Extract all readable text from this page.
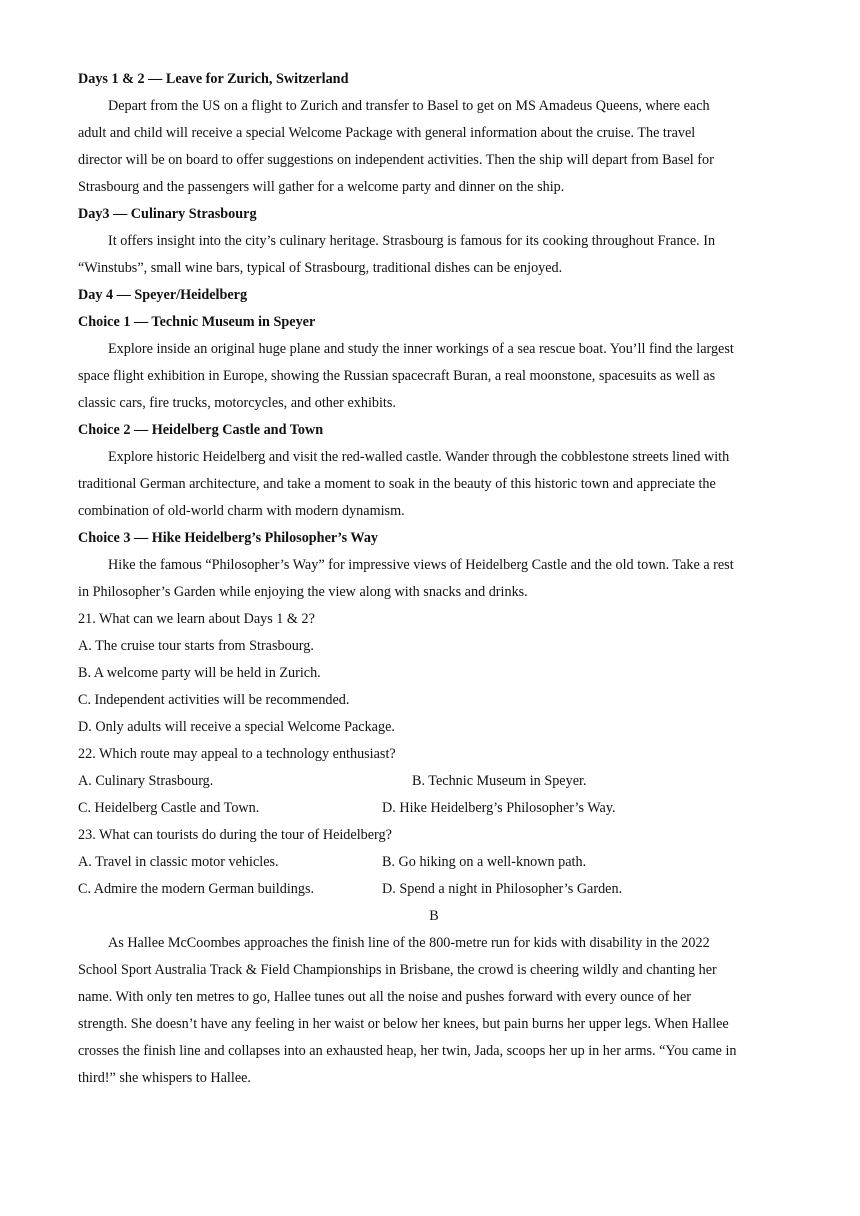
Days 1 & 2 — Leave for Zurich, Switzerland
Depart from the US on a flight to Zurich and transfer to Basel to get on MS Amadeus Queens, where each
adult and child will receive a special Welcome Package with general information about the cruise. The travel
director will be on board to offer suggestions on independent activities. Then the ship will depart from Basel for
Strasbourg and the passengers will gather for a welcome party and dinner on the ship.
Day3 — Culinary Strasbourg
It offers insight into the city’s culinary heritage. Strasbourg is famous for its cooking throughout France. In
“Winstubs”, small wine bars, typical of Strasbourg, traditional dishes can be enjoyed.
Day 4 — Speyer/Heidelberg
Choice 1 — Technic Museum in Speyer
Explore inside an original huge plane and study the inner workings of a sea rescue boat. You’ll find the largest
space flight exhibition in Europe, showing the Russian spacecraft Buran, a real moonstone, spacesuits as well as
classic cars, fire trucks, motorcycles, and other exhibits.
Choice 2 — Heidelberg Castle and Town
Explore historic Heidelberg and visit the red-walled castle. Wander through the cobblestone streets lined with
traditional German architecture, and take a moment to soak in the beauty of this historic town and appreciate the
combination of old-world charm with modern dynamism.
Choice 3 — Hike Heidelberg’s Philosopher’s Way
Hike the famous “Philosopher’s Way” for impressive views of Heidelberg Castle and the old town. Take a rest
in Philosopher’s Garden while enjoying the view along with snacks and drinks.
21. What can we learn about Days 1 & 2?
A. The cruise tour starts from Strasbourg.
B. A welcome party will be held in Zurich.
C. Independent activities will be recommended.
D. Only adults will receive a special Welcome Package.
22. Which route may appeal to a technology enthusiast?
A. Culinary Strasbourg.	B. Technic Museum in Speyer.
C. Heidelberg Castle and Town.	D. Hike Heidelberg’s Philosopher’s Way.
23. What can tourists do during the tour of Heidelberg?
A. Travel in classic motor vehicles.	B. Go hiking on a well-known path.
C. Admire the modern German buildings.	D. Spend a night in Philosopher’s Garden.
B
As Hallee McCoombes approaches the finish line of the 800-metre run for kids with disability in the 2022
School Sport Australia Track & Field Championships in Brisbane, the crowd is cheering wildly and chanting her
name. With only ten metres to go, Hallee tunes out all the noise and pushes forward with every ounce of her
strength. She doesn’t have any feeling in her waist or below her knees, but pain burns her upper legs. When Hallee
crosses the finish line and collapses into an exhausted heap, her twin, Jada, scoops her up in her arms. “You came in
third!” she whispers to Hallee.
